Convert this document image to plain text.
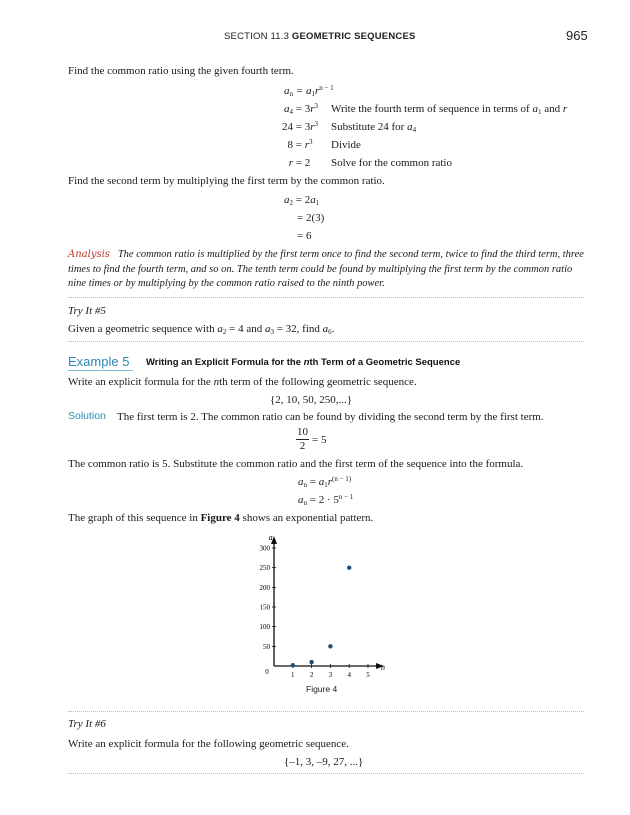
SECTION 11.3 GEOMETRIC SEQUENCES	965
Find the common ratio using the given fourth term.
$a_n = a_1r^{n - 1}$
$a_4 = 3r^3$ Write the fourth term of sequence in terms of $a_1$ and r
$24 = 3r^3$ Substitute 24 for $a_4$
$8 = r^3$ Divide
r = 2 Solve for the common ratio
Find the second term by multiplying the first term by the common ratio.
$a_2 = 2a_1$
= 2(3)
= 6
Analysis The common ratio is multiplied by the first term once to find the second term, twice to find the third term, three times to find the fourth term, and so on. The tenth term could be found by multiplying the first term by the common ratio nine times or by multiplying by the common ratio raised to the ninth power.
Try It #5
Given a geometric sequence with $a_2 = 4$ and $a_3 = 32$, find $a_6$.
Example 5 Writing an Explicit Formula for the nth Term of a Geometric Sequence
Write an explicit formula for the nth term of the following geometric sequence.
{2, 10, 50, 250,...}
Solution The first term is 2. The common ratio can be found by dividing the second term by the first term.
$\frac{10}{2} = 5$
The common ratio is 5. Substitute the common ratio and the first term of the sequence into the formula.
$a_n = a_1r^{(n - 1)}$
$a_n = 2 \cdot 5^{n - 1}$
The graph of this sequence in Figure 4 shows an exponential pattern.
n
$a_n$
0	1 2 3 4 5
50
100
150
200
250
300
Figure 4
Try It #6
Write an explicit formula for the following geometric sequence.
{–1, 3, –9, 27, ...}
